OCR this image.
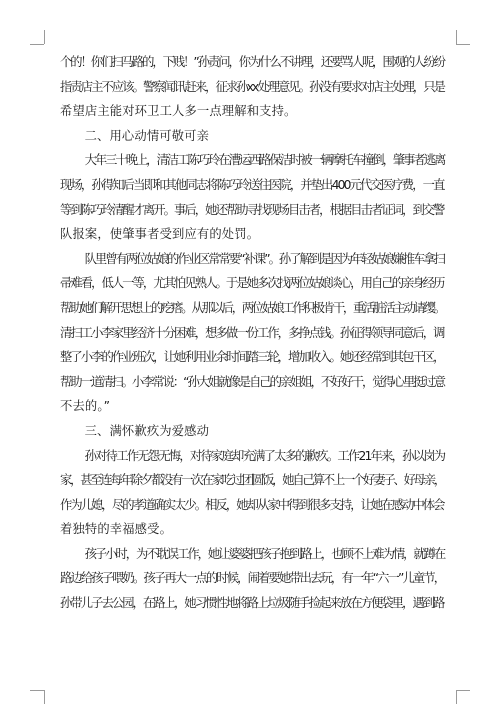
个的！你们扫马路的，下贱！”孙责问，你为什么不讲理，还要骂人呢，围观的人纷纷
指责店主不应该。警察闻讯赶来，征求孙xx处理意见。孙没有要求对店主处理，只是
希望店主能对环卫工人多一点理解和支持。

二、用心动情可敬可亲

大年三十晚上，清洁工陈巧玲在漕运西路保洁时被一辆摩托车撞倒，肇事者逃离
现场，孙得知后当即和其他同志将陈巧玲送往医院，并垫出400元代交医疗费，一直
等到陈巧玲清醒才离开。事后，她还帮助寻找现场目击者，根据目击者证词，到交警
队报案，使肇事者受到应有的处罚。

队里曾有两位姑娘的作业区常常要“补课”。孙了解到是因为年轻姑娘嫌推车拿扫
帚难看，低人一等，尤其怕见熟人。于是她多次找两位姑娘谈心，用自己的亲身经历
帮助她们解开思想上的疙瘩。从那以后，两位姑娘工作积极肯干，重活脏活主动请缨。
清扫工小李家里经济十分困难，想多做一份工作，多挣点钱。孙征得领导同意后，调
整了小李的作业班次，让她利用业余时间踏三轮，增加收入。她还经常到其包干区，
帮助一道清扫。小李常说：“孙大姐就像是自己的亲姐姐，不好好干，觉得心里挺过意
不去的。”

三、满怀歉疚为爱感动

孙对待工作无怨无悔，对待家庭却充满了太多的歉疚。工作21年来，孙以岗为
家，甚至连每年除夕都没有一次在家吃过团圆饭，她自己算不上一个好妻子、好母亲，
作为儿媳，尽的孝道确实太少。相反，她却从家中得到很多支持，让她在感动中体会
着独特的幸福感受。

孩子小时，为不耽误工作，她让婆婆把孩子抱到路上，也顾不上难为情，就蹲在
路边给孩子喂奶。孩子再大一点的时候，闹着要她带出去玩，有一年“六一”儿童节，
孙带儿子去公园，在路上，她习惯性地将路上垃圾随手捡起来放在方便袋里，遇到路
